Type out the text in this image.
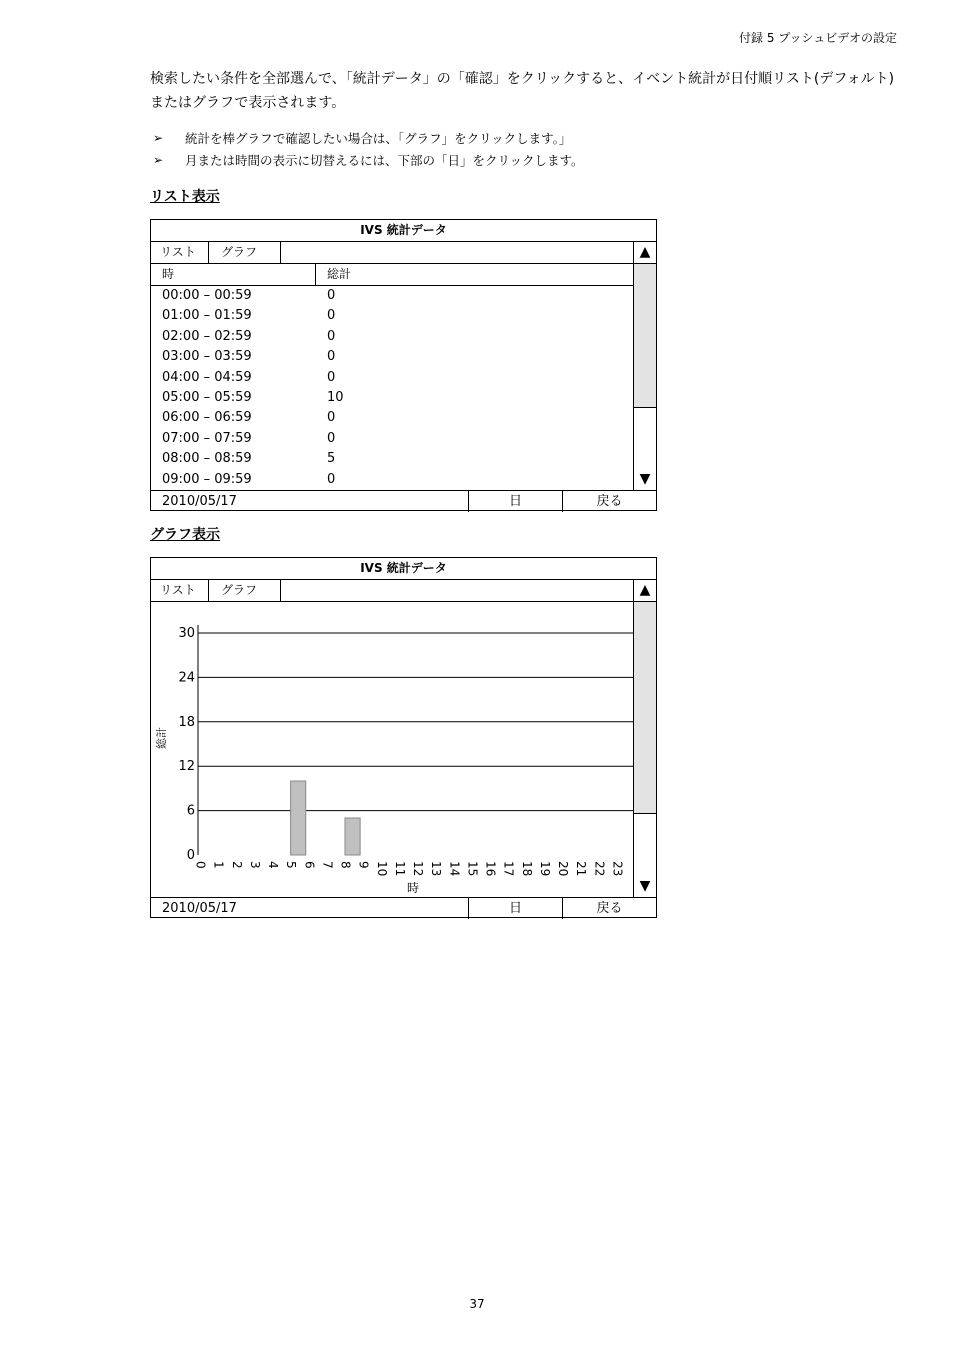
付録 5 プッシュビデオの設定
検索したい条件を全部選んで、「統計データ」の「確認」をクリックすると、イベント統計が日付順リスト(デフォルト)またはグラフで表示されます。
➢	統計を棒グラフで確認したい場合は、「グラフ」をクリックします。」
➢	月または時間の表示に切替えるには、下部の「日」をクリックします。
リスト表示
IVS 統計データ
リスト	グラフ	▲
時	総計
00:00 – 00:59	0
01:00 – 01:59	0
02:00 – 02:59	0
03:00 – 03:59	0
04:00 – 04:59	0
05:00 – 05:59	10
06:00 – 06:59	0
07:00 – 07:59	0
08:00 – 08:59	5
09:00 – 09:59	0	▼
2010/05/17	日	戻る
グラフ表示
IVS 統計データ
リスト	グラフ	▲
0
6
12
18
24
30
0 1 2 3 4 5 6 7 8 9 10 11 12 13 14 15 16 17 18 19 20 21 22 23
時
総計
▼
2010/05/17	日	戻る
37
